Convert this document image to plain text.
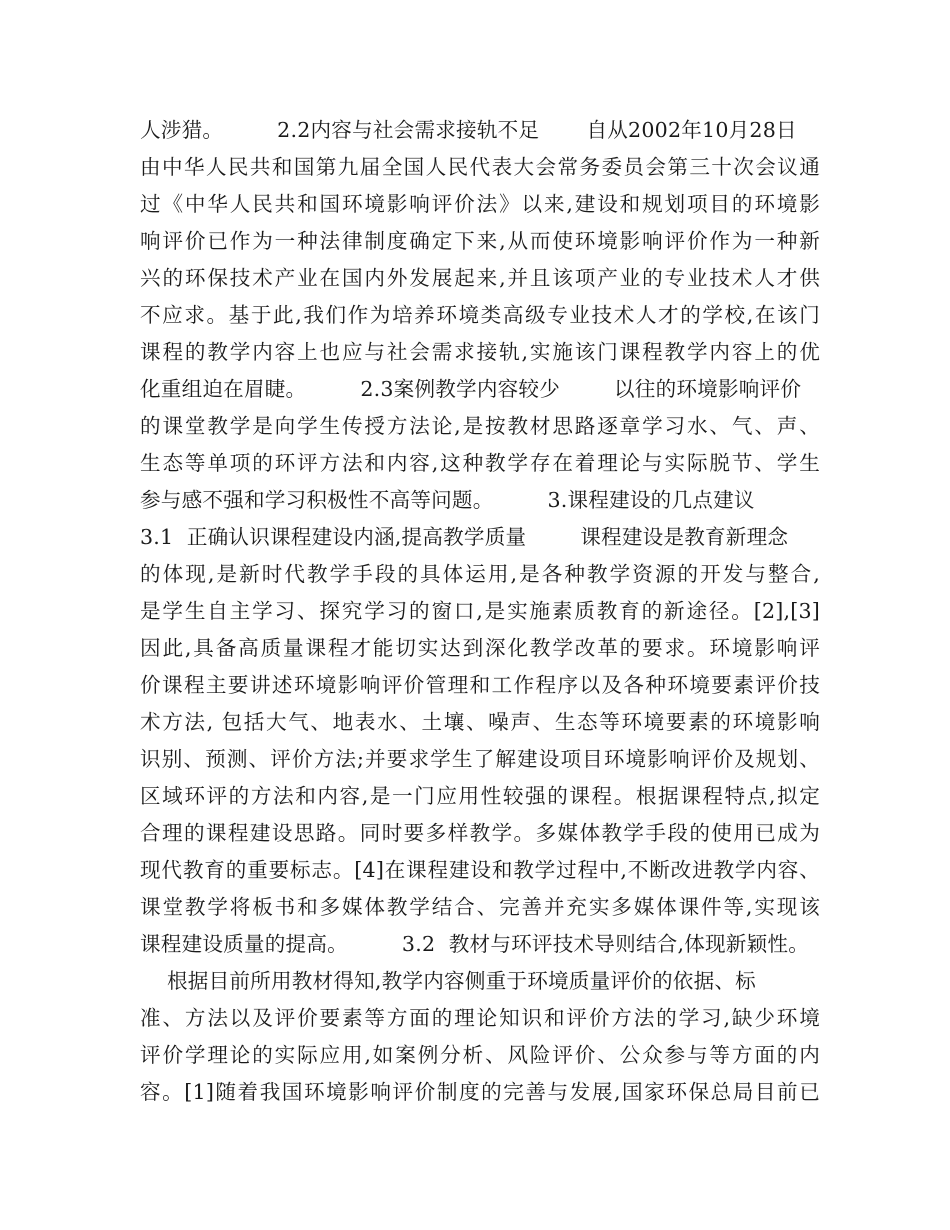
人涉猎。        2.2内容与社会需求接轨不足       自从2002年10月28日
由中华人民共和国第九届全国人民代表大会常务委员会第三十次会议通
过《中华人民共和国环境影响评价法》以来,建设和规划项目的环境影
响评价已作为一种法律制度确定下来,从而使环境影响评价作为一种新
兴的环保技术产业在国内外发展起来,并且该项产业的专业技术人才供
不应求。基于此,我们作为培养环境类高级专业技术人才的学校,在该门
课程的教学内容上也应与社会需求接轨,实施该门课程教学内容上的优
化重组迫在眉睫。        2.3案例教学内容较少        以往的环境影响评价
的课堂教学是向学生传授方法论,是按教材思路逐章学习水、气、声、
生态等单项的环评方法和内容,这种教学存在着理论与实际脱节、学生
参与感不强和学习积极性不高等问题。        3.课程建设的几点建议
3.1  正确认识课程建设内涵,提高教学质量        课程建设是教育新理念
的体现,是新时代教学手段的具体运用,是各种教学资源的开发与整合,
是学生自主学习、探究学习的窗口,是实施素质教育的新途径。[2],[3]
因此,具备高质量课程才能切实达到深化教学改革的要求。环境影响评
价课程主要讲述环境影响评价管理和工作程序以及各种环境要素评价技
术方法, 包括大气、地表水、土壤、噪声、生态等环境要素的环境影响
识别、预测、评价方法;并要求学生了解建设项目环境影响评价及规划、
区域环评的方法和内容,是一门应用性较强的课程。根据课程特点,拟定
合理的课程建设思路。同时要多样教学。多媒体教学手段的使用已成为
现代教育的重要标志。[4]在课程建设和教学过程中,不断改进教学内容、
课堂教学将板书和多媒体教学结合、完善并充实多媒体课件等,实现该
课程建设质量的提高。        3.2  教材与环评技术导则结合,体现新颖性。
根据目前所用教材得知,教学内容侧重于环境质量评价的依据、标
准、方法以及评价要素等方面的理论知识和评价方法的学习,缺少环境
评价学理论的实际应用,如案例分析、风险评价、公众参与等方面的内
容。[1]随着我国环境影响评价制度的完善与发展,国家环保总局目前已
